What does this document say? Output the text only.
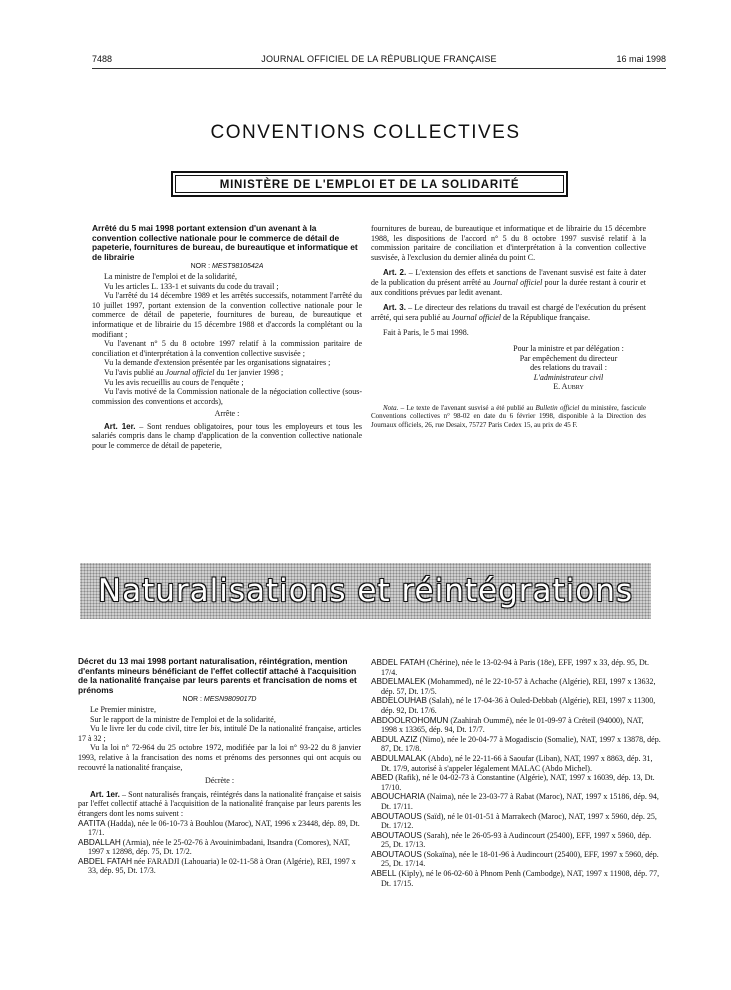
7488	JOURNAL OFFICIEL DE LA RÉPUBLIQUE FRANÇAISE	16 mai 1998
CONVENTIONS COLLECTIVES
MINISTÈRE DE L'EMPLOI ET DE LA SOLIDARITÉ

Arrêté du 5 mai 1998 portant extension d'un avenant à la convention collective nationale pour le commerce de détail de papeterie, fournitures de bureau, de bureautique et informatique et de librairie

NOR : MEST9810542A

La ministre de l'emploi et de la solidarité,

Vu les articles L. 133-1 et suivants du code du travail ;

Vu l'arrêté du 14 décembre 1989 et les arrêtés successifs, notamment l'arrêté du 10 juillet 1997, portant extension de la convention collective nationale pour le commerce de détail de papeterie, fournitures de bureau, de bureautique et informatique et de librairie du 15 décembre 1988 et d'accords la complétant ou la modifiant ;

Vu l'avenant n° 5 du 8 octobre 1997 relatif à la commission paritaire de conciliation et d'interprétation à la convention collective susvisée ;

Vu la demande d'extension présentée par les organisations signataires ;

Vu l'avis publié au Journal officiel du 1er janvier 1998 ;

Vu les avis recueillis au cours de l'enquête ;

Vu l'avis motivé de la Commission nationale de la négociation collective (sous-commission des conventions et accords),

Arrête :

Art. 1er. – Sont rendues obligatoires, pour tous les employeurs et tous les salariés compris dans le champ d'application de la convention collective nationale pour le commerce de détail de papeterie,

fournitures de bureau, de bureautique et informatique et de librairie du 15 décembre 1988, les dispositions de l'accord n° 5 du 8 octobre 1997 susvisé relatif à la commission paritaire de conciliation et d'interprétation à la convention collective susvisée, à l'exclusion du dernier alinéa du point C.

Art. 2. – L'extension des effets et sanctions de l'avenant susvisé est faite à dater de la publication du présent arrêté au Journal officiel pour la durée restant à courir et aux conditions prévues par ledit avenant.

Art. 3. – Le directeur des relations du travail est chargé de l'exécution du présent arrêté, qui sera publié au Journal officiel de la République française.

Fait à Paris, le 5 mai 1998.

Pour la ministre et par délégation :

Par empêchement du directeur

des relations du travail :

L'administrateur civil

E. Aubry

Nota. – Le texte de l'avenant susvisé a été publié au Bulletin officiel du ministère, fascicule Conventions collectives n° 98-02 en date du 6 février 1998, disponible à la Direction des Journaux officiels, 26, rue Desaix, 75727 Paris Cedex 15, au prix de 45 F.

Naturalisations et réintégrations

Décret du 13 mai 1998 portant naturalisation, réintégration, mention d'enfants mineurs bénéficiant de l'effet collectif attaché à l'acquisition de la nationalité française par leurs parents et francisation de noms et prénoms

NOR : MESN9809017D

Le Premier ministre,

Sur le rapport de la ministre de l'emploi et de la solidarité,

Vu le livre Ier du code civil, titre Ier bis, intitulé De la nationalité française, articles 17 à 32 ;

Vu la loi n° 72-964 du 25 octobre 1972, modifiée par la loi n° 93-22 du 8 janvier 1993, relative à la francisation des noms et prénoms des personnes qui ont acquis ou recouvré la nationalité française,

Décrète :

Art. 1er. – Sont naturalisés français, réintégrés dans la nationalité française et saisis par l'effet collectif attaché à l'acquisition de la nationalité française par leurs parents les étrangers dont les noms suivent :

AATITA (Hadda), née le 06-10-73 à Bouhlou (Maroc), NAT, 1996 x 23448, dép. 89, Dt. 17/1.

ABDALLAH (Armia), née le 25-02-76 à Avouinimbadani, Itsandra (Comores), NAT, 1997 x 12898, dép. 75, Dt. 17/2.

ABDEL FATAH née FARADJI (Lahouaria) le 02-11-58 à Oran (Algérie), REI, 1997 x 33, dép. 95, Dt. 17/3.

ABDEL FATAH (Chérine), née le 13-02-94 à Paris (18e), EFF, 1997 x 33, dép. 95, Dt. 17/4.

ABDELMALEK (Mohammed), né le 22-10-57 à Achache (Algérie), REI, 1997 x 13632, dép. 57, Dt. 17/5.

ABDELOUHAB (Salah), né le 17-04-36 à Ouled-Debbab (Algérie), REI, 1997 x 11300, dép. 92, Dt. 17/6.

ABDOOLROHOMUN (Zaahirah Oummé), née le 01-09-97 à Créteil (94000), NAT, 1998 x 13365, dép. 94, Dt. 17/7.

ABDUL AZIZ (Nimo), née le 20-04-77 à Mogadiscio (Somalie), NAT, 1997 x 13878, dép. 87, Dt. 17/8.

ABDULMALAK (Abdo), né le 22-11-66 à Saoufar (Liban), NAT, 1997 x 8863, dép. 31, Dt. 17/9, autorisé à s'appeler légalement MALAC (Abdo Michel).

ABED (Rafik), né le 04-02-73 à Constantine (Algérie), NAT, 1997 x 16039, dép. 13, Dt. 17/10.

ABOUCHARIA (Naima), née le 23-03-77 à Rabat (Maroc), NAT, 1997 x 15186, dép. 94, Dt. 17/11.

ABOUTAOUS (Saïd), né le 01-01-51 à Marrakech (Maroc), NAT, 1997 x 5960, dép. 25, Dt. 17/12.

ABOUTAOUS (Sarah), née le 26-05-93 à Audincourt (25400), EFF, 1997 x 5960, dép. 25, Dt. 17/13.

ABOUTAOUS (Sokaïna), née le 18-01-96 à Audincourt (25400), EFF, 1997 x 5960, dép. 25, Dt. 17/14.

ABELL (Kiply), né le 06-02-60 à Phnom Penh (Cambodge), NAT, 1997 x 11908, dép. 77, Dt. 17/15.
